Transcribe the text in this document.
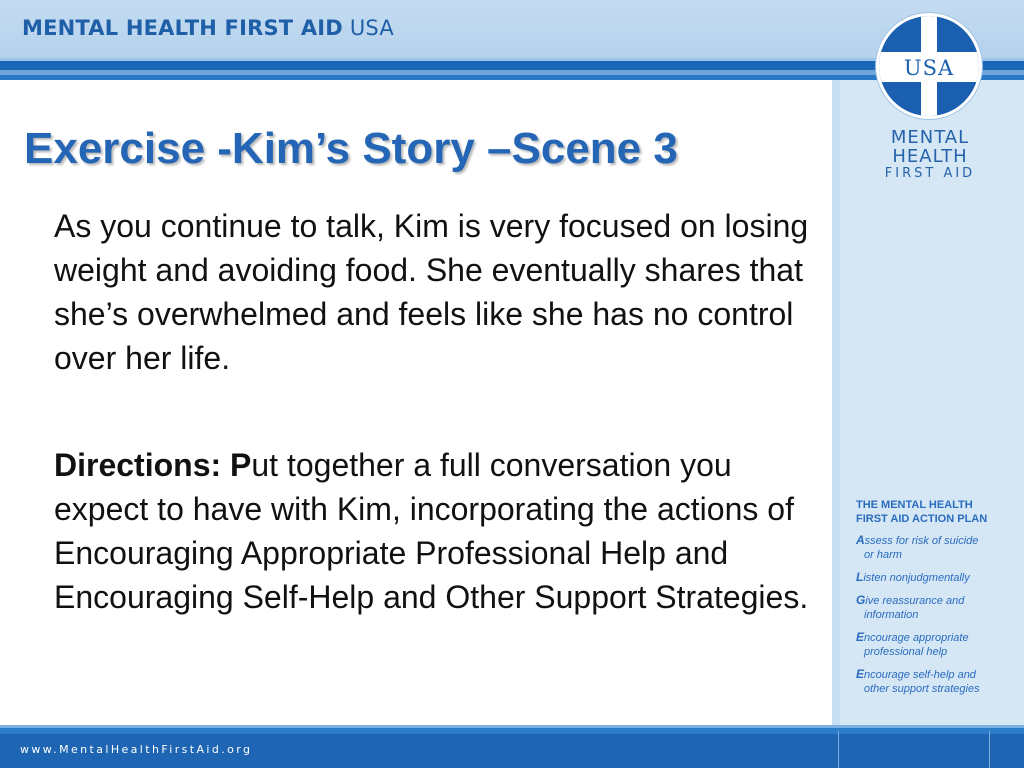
MENTAL HEALTH FIRST AID USA
USA
MENTAL
HEALTH
FIRST AID
Exercise -Kim’s Story –Scene 3
As you continue to talk, Kim is very focused on losing weight and avoiding food. She eventually shares that she’s overwhelmed and feels like she has no control over her life.
Directions: Put together a full conversation you expect to have with Kim, incorporating the actions of Encouraging Appropriate Professional Help and Encouraging Self-Help and Other Support Strategies.
THE MENTAL HEALTH
FIRST AID ACTION PLAN
Assess for risk of suicide
or harm
Listen nonjudgmentally
Give reassurance and
information
Encourage appropriate
professional help
Encourage self-help and
other support strategies
www.MentalHealthFirstAid.org
